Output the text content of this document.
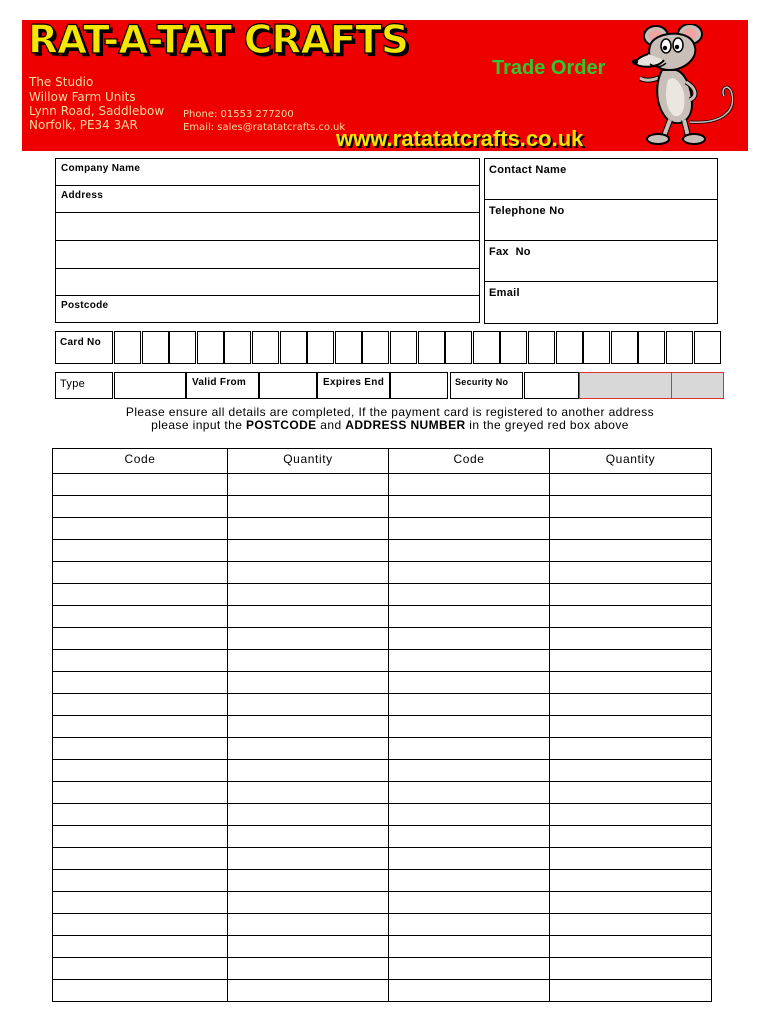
RAT-A-TAT CRAFTS
The Studio
Willow Farm Units
Lynn Road, Saddlebow
Norfolk, PE34 3AR
Phone: 01553 277200
Email: sales@ratatatcrafts.co.uk
Trade Order
www.ratatatcrafts.co.uk
Company Name
Address
Postcode
Contact Name
Telephone No
Fax  No
Email
Card No
Type	Valid From	Expires End	Security No
Please ensure all details are completed, If the payment card is registered to another address
please input the POSTCODE and ADDRESS NUMBER in the greyed red box above
Code	Quantity	Code	Quantity
